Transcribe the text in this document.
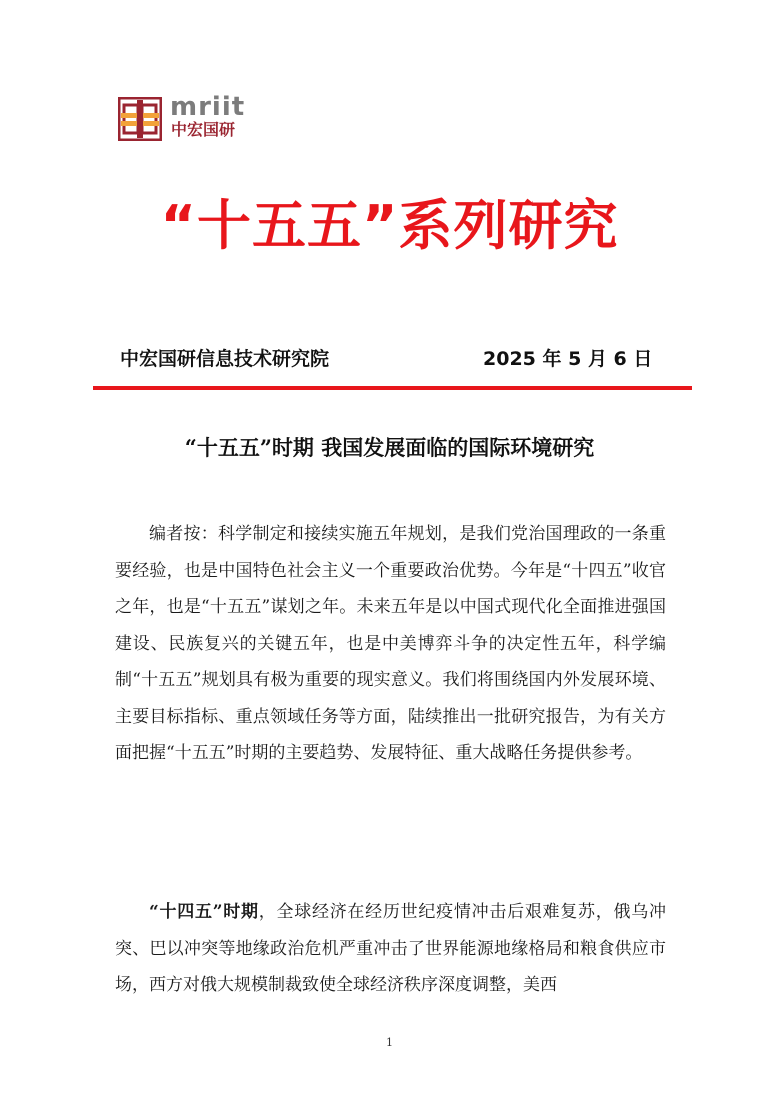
mriit
中宏国研
“十五五”系列研究
中宏国研信息技术研究院	2025 年 5 月 6 日
“十五五”时期 我国发展面临的国际环境研究

编者按：科学制定和接续实施五年规划，是我们党治国理政的一条重要经验，也是中国特色社会主义一个重要政治优势。今年是“十四五”收官之年，也是“十五五”谋划之年。未来五年是以中国式现代化全面推进强国建设、民族复兴的关键五年，也是中美博弈斗争的决定性五年，科学编制“十五五”规划具有极为重要的现实意义。我们将围绕国内外发展环境、主要目标指标、重点领域任务等方面，陆续推出一批研究报告，为有关方面把握“十五五”时期的主要趋势、发展特征、重大战略任务提供参考。

“十四五”时期，全球经济在经历世纪疫情冲击后艰难复苏，俄乌冲突、巴以冲突等地缘政治危机严重冲击了世界能源地缘格局和粮食供应市场，西方对俄大规模制裁致使全球经济秩序深度调整，美西

1
